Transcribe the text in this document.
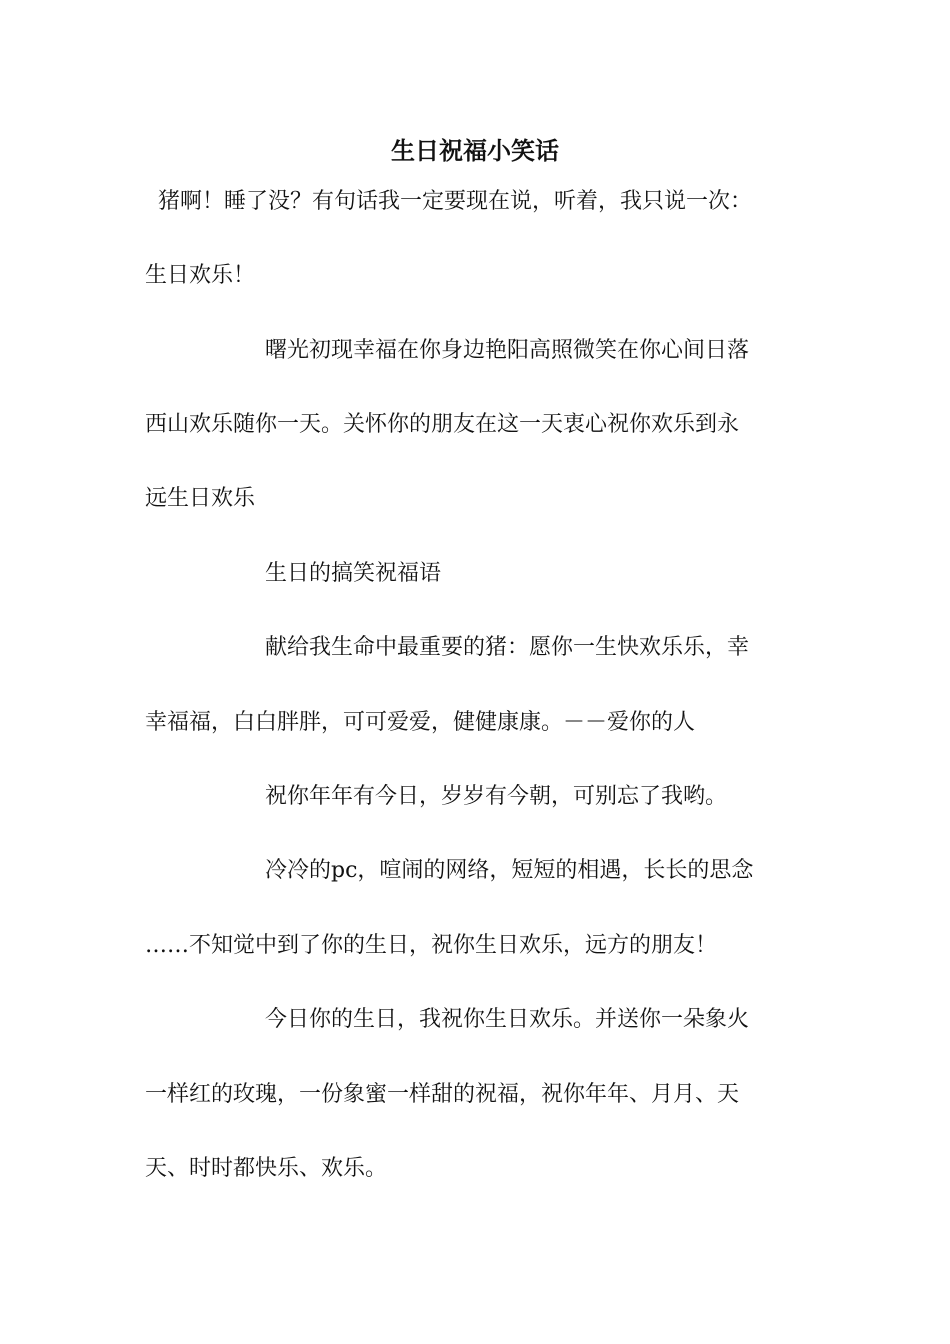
生日祝福小笑话
猪啊！睡了没？有句话我一定要现在说，听着，我只说一次：
生日欢乐！
曙光初现幸福在你身边艳阳高照微笑在你心间日落
西山欢乐随你一天。关怀你的朋友在这一天衷心祝你欢乐到永
远生日欢乐
生日的搞笑祝福语
献给我生命中最重要的猪：愿你一生快欢乐乐，幸
幸福福，白白胖胖，可可爱爱，健健康康。－－爱你的人
祝你年年有今日，岁岁有今朝，可别忘了我哟。
冷冷的pc，喧闹的网络，短短的相遇，长长的思念
……不知觉中到了你的生日，祝你生日欢乐，远方的朋友！
今日你的生日，我祝你生日欢乐。并送你一朵象火
一样红的玫瑰，一份象蜜一样甜的祝福，祝你年年、月月、天
天、时时都快乐、欢乐。
